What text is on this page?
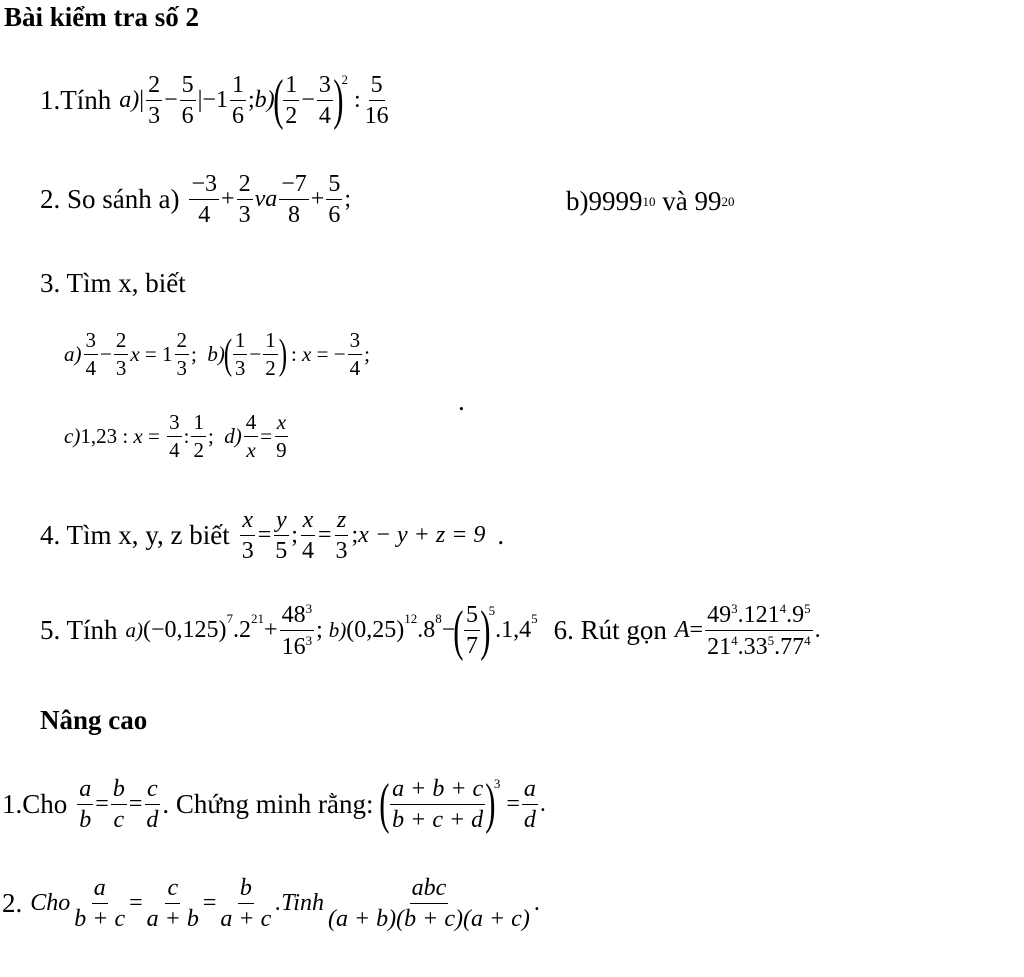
Bài kiểm tra số 2
1.Tính a) | $\frac{2}{3} - \frac{5}{6} |-1 \frac{1}{6}$ ; b)
( $\frac{1}{2} - \frac{3}{4}$ )
2
: $\frac{5}{16}$
2. So sánh $a) \frac{-3}{4} + \frac{2}{3}$ va $\frac{-7}{8} + \frac{5}{6}$ ;	b)9999 10
và 99 20
3. Tìm x, biết
$a) \frac{3}{4} - \frac{2}{3}$ $x = 1 \frac{2}{3}$ ; b)
( $\frac{1}{3} - \frac{1}{2}$ )
: x = − $\frac{3}{4}$ ;
.
c) 1,23 : $x = \frac{3}{4}$ : $\frac{1}{2}$ ; $d) \frac{4}{x} = \frac{x}{9}$
4. Tìm x, y, z biết $\frac{x}{3} = \frac{y}{5}$ ; $\frac{x}{4} = \frac{z}{3}$ ; x − y + z = 9
.
5. Tính a) $(-0,125)^7$ $.2^{21} + \frac{48^3}{16^3}$ ; b) $(0,25)^{12}$ $.8^8$ −
( $\frac{5}{7}$ )
5
.1,4$^5$ 6. Rút gọn $A = \frac{49^3.121^4.9^5}{21^4.33^5.77^4}$ .
Nâng cao
$1.Cho \frac{a}{b} = \frac{b}{c} = \frac{c}{d}$ . Chứng minh rằng: ( $\frac{a + b + c}{b + c + d}$ )
3
= $\frac{a}{d}$ .
2. Cho $\frac{a}{b + c} = \frac{c}{a + b} = \frac{b}{a + c}$ .Tinh $\frac{\text{abc}}{(a + b)(b + c)(a + c)}$ .
